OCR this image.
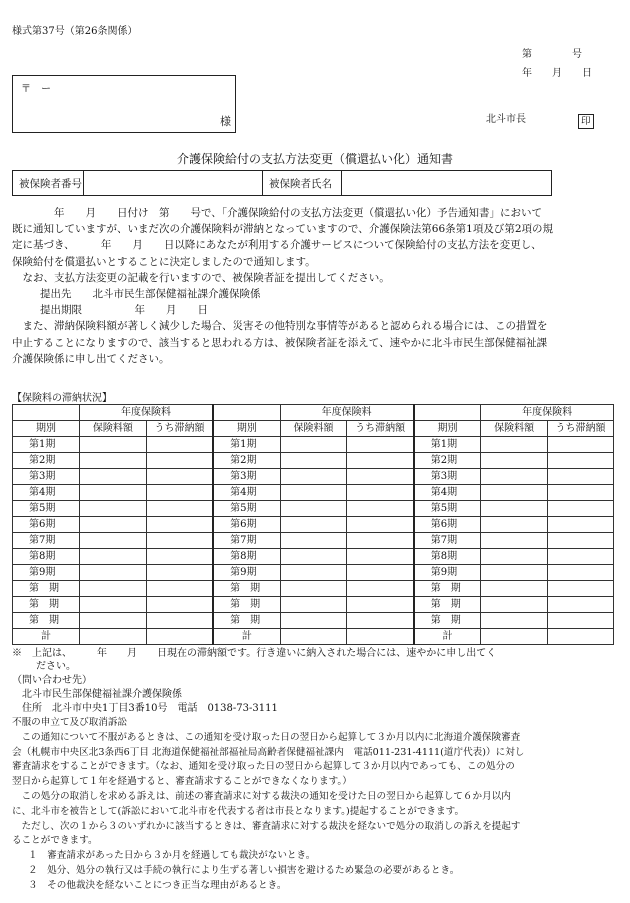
様式第37号（第26条関係）
第　　　　号
年　　月　　日
〒　ー
様	北斗市長	印
介護保険給付の支払方法変更（償還払い化）通知書
被保険者番号		被保険者氏名	

　　　　年　　月　　日付け　第　　号で、「介護保険給付の支払方法変更（償還払い化）予告通知書」において

既に通知していますが、いまだ次の介護保険料が滞納となっていますので、介護保険法第66条第1項及び第2項の規

定に基づき、　　　年　　月　　日以降にあなたが利用する介護サービスについて保険給付の支払方法を変更し、

保険給付を償還払いとすることに決定しましたので通知します。

　なお、支払方法変更の記載を行いますので、被保険者証を提出してください。

提出先　　北斗市民生部保健福祉課介護保険係

提出期限　　　　　年　　月　　日

　また、滞納保険料額が著しく減少した場合、災害その他特別な事情等があると認められる場合には、この措置を

中止することになりますので、該当すると思われる方は、被保険者証を添えて、速やかに北斗市民生部保健福祉課

介護保険係に申し出てください。

【保険料の滞納状況】
	年度保険料			年度保険料			年度保険料	
期別	保険料額	うち滞納額	期別	保険料額	うち滞納額	期別	保険料額	うち滞納額
第1期			第1期			第1期		
第2期			第2期			第2期		
第3期			第3期			第3期		
第4期			第4期			第4期		
第5期			第5期			第5期		
第6期			第6期			第6期		
第7期			第7期			第7期		
第8期			第8期			第8期		
第9期			第9期			第9期		
第　期			第　期			第　期		
第　期			第　期			第　期		
第　期			第　期			第　期		
計			計			計		
※　上記は、　　　年　　月　　日現在の滞納額です。行き違いに納入された場合には、速やかに申し出てく
ださい。
（問い合わせ先）
北斗市民生部保健福祉課介護保険係
住所　北斗市中央1丁目3番10号　電話　0138-73-3111

不服の申立て及び取消訴訟

　この通知について不服があるときは、この通知を受け取った日の翌日から起算して３か月以内に北海道介護保険審査

会（札幌市中央区北3条西6丁目 北海道保健福祉部福祉局高齢者保健福祉課内　電話011-231-4111(道庁代表)）に対し

審査請求をすることができます。（なお、通知を受け取った日の翌日から起算して３か月以内であっても、この処分の

翌日から起算して１年を経過すると、審査請求することができなくなります。）

　この処分の取消しを求める訴えは、前述の審査請求に対する裁決の通知を受けた日の翌日から起算して６か月以内

に、北斗市を被告として(訴訟において北斗市を代表する者は市長となります。)提起することができます。

　ただし、次の１から３のいずれかに該当するときは、審査請求に対する裁決を経ないで処分の取消しの訴えを提起す

ることができます。

１　審査請求があった日から３か月を経過しても裁決がないとき。

２　処分、処分の執行又は手続の執行により生ずる著しい損害を避けるため緊急の必要があるとき。

３　その他裁決を経ないことにつき正当な理由があるとき。
